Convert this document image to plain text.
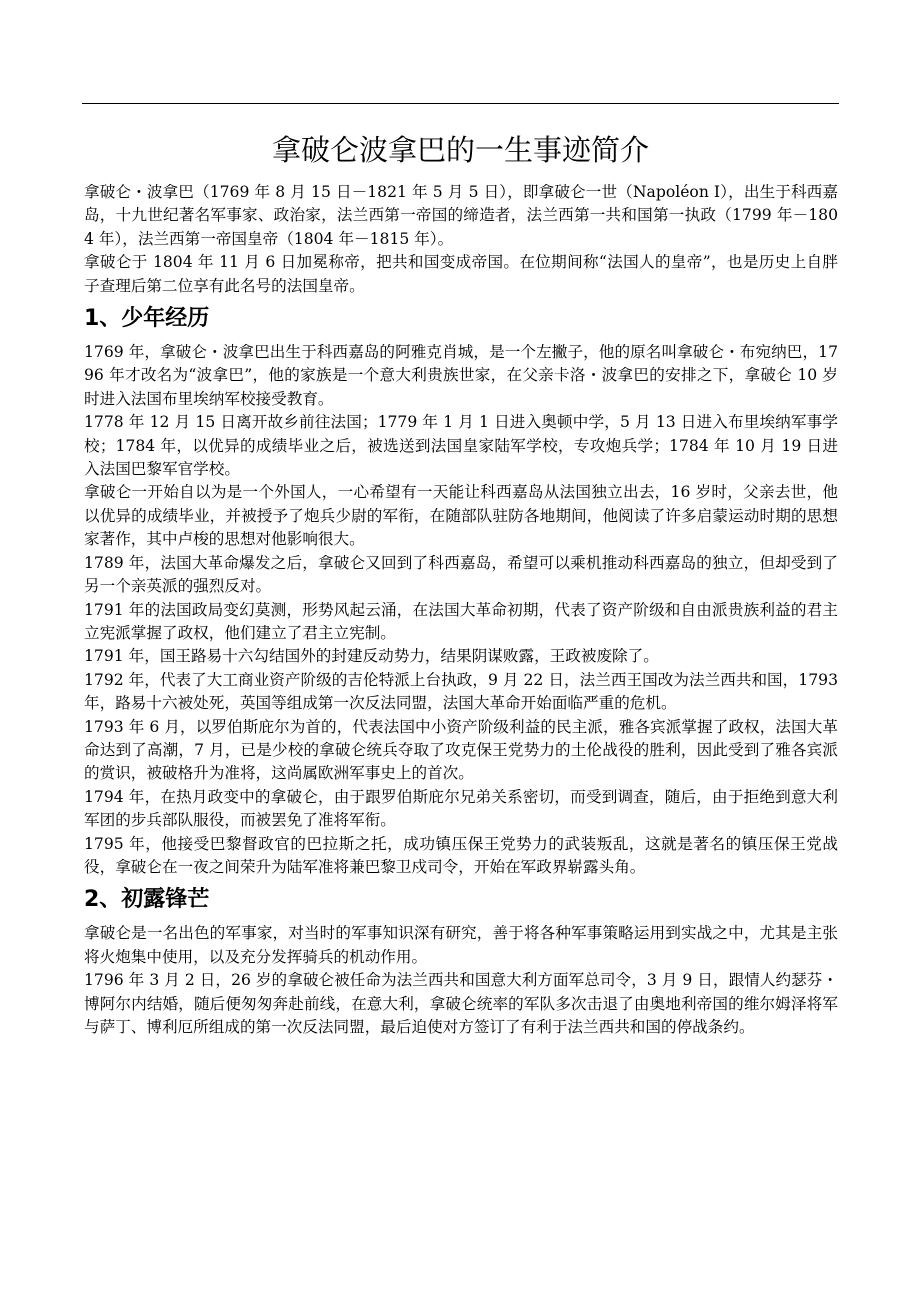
拿破仑波拿巴的一生事迹简介

拿破仑・波拿巴（1769 年 8 月 15 日－1821 年 5 月 5 日），即拿破仑一世（Napoléon I），出生于科西嘉岛，十九世纪著名军事家、政治家，法兰西第一帝国的缔造者，法兰西第一共和国第一执政（1799 年－1804 年），法兰西第一帝国皇帝（1804 年－1815 年）。

拿破仑于 1804 年 11 月 6 日加冕称帝，把共和国变成帝国。在位期间称“法国人的皇帝”，也是历史上自胖子查理后第二位享有此名号的法国皇帝。

1、少年经历

1769 年，拿破仑・波拿巴出生于科西嘉岛的阿雅克肖城，是一个左撇子，他的原名叫拿破仑・布宛纳巴，1796 年才改名为“波拿巴”，他的家族是一个意大利贵族世家，在父亲卡洛・波拿巴的安排之下，拿破仑 10 岁时进入法国布里埃纳军校接受教育。

1778 年 12 月 15 日离开故乡前往法国；1779 年 1 月 1 日进入奥顿中学，5 月 13 日进入布里埃纳军事学校；1784 年，以优异的成绩毕业之后，被选送到法国皇家陆军学校，专攻炮兵学；1784 年 10 月 19 日进入法国巴黎军官学校。

拿破仑一开始自以为是一个外国人，一心希望有一天能让科西嘉岛从法国独立出去，16 岁时，父亲去世，他以优异的成绩毕业，并被授予了炮兵少尉的军衔，在随部队驻防各地期间，他阅读了许多启蒙运动时期的思想家著作，其中卢梭的思想对他影响很大。

1789 年，法国大革命爆发之后，拿破仑又回到了科西嘉岛，希望可以乘机推动科西嘉岛的独立，但却受到了另一个亲英派的强烈反对。

1791 年的法国政局变幻莫测，形势风起云涌，在法国大革命初期，代表了资产阶级和自由派贵族利益的君主立宪派掌握了政权，他们建立了君主立宪制。

1791 年，国王路易十六勾结国外的封建反动势力，结果阴谋败露，王政被废除了。

1792 年，代表了大工商业资产阶级的吉伦特派上台执政，9 月 22 日，法兰西王国改为法兰西共和国，1793 年，路易十六被处死，英国等组成第一次反法同盟，法国大革命开始面临严重的危机。

1793 年 6 月，以罗伯斯庇尔为首的，代表法国中小资产阶级利益的民主派，雅各宾派掌握了政权，法国大革命达到了高潮，7 月，已是少校的拿破仑统兵夺取了攻克保王党势力的土伦战役的胜利，因此受到了雅各宾派的赏识，被破格升为准将，这尚属欧洲军事史上的首次。

1794 年，在热月政变中的拿破仑，由于跟罗伯斯庇尔兄弟关系密切，而受到调查，随后，由于拒绝到意大利军团的步兵部队服役，而被罢免了准将军衔。

1795 年，他接受巴黎督政官的巴拉斯之托，成功镇压保王党势力的武装叛乱，这就是著名的镇压保王党战役，拿破仑在一夜之间荣升为陆军准将兼巴黎卫戍司令，开始在军政界崭露头角。

2、初露锋芒

拿破仑是一名出色的军事家，对当时的军事知识深有研究，善于将各种军事策略运用到实战之中，尤其是主张将火炮集中使用，以及充分发挥骑兵的机动作用。

1796 年 3 月 2 日，26 岁的拿破仑被任命为法兰西共和国意大利方面军总司令，3 月 9 日，跟情人约瑟芬・博阿尔内结婚，随后便匆匆奔赴前线，在意大利，拿破仑统率的军队多次击退了由奥地利帝国的维尔姆泽将军与萨丁、博利厄所组成的第一次反法同盟，最后迫使对方签订了有利于法兰西共和国的停战条约。
